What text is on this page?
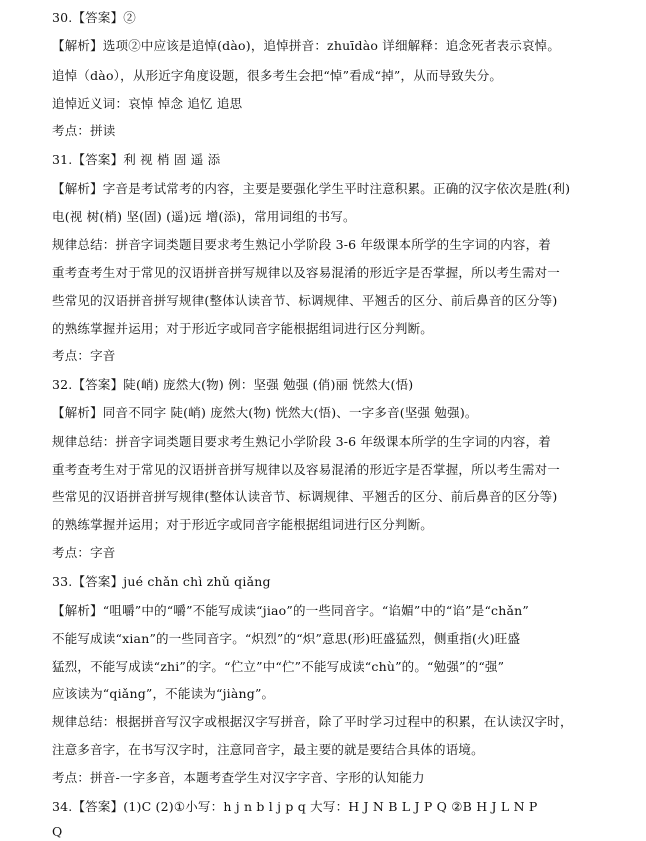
30.【答案】②
【解析】选项②中应该是追悼(dào)，追悼拼音：zhuīdào 详细解释：追念死者表示哀悼。
追悼（dào），从形近字角度设题，很多考生会把“悼”看成“掉”，从而导致失分。
追悼近义词：哀悼 悼念 追忆 追思
考点：拼读
31.【答案】利 视 梢 固 遥 添
【解析】字音是考试常考的内容，主要是要强化学生平时注意积累。正确的汉字依次是胜(利)
电(视 树(梢) 坚(固) (遥)远 增(添)，常用词组的书写。
规律总结：拼音字词类题目要求考生熟记小学阶段 3-6 年级课本所学的生字词的内容，着
重考查考生对于常见的汉语拼音拼写规律以及容易混淆的形近字是否掌握，所以考生需对一
些常见的汉语拼音拼写规律(整体认读音节、标调规律、平翘舌的区分、前后鼻音的区分等)
的熟练掌握并运用；对于形近字或同音字能根据组词进行区分判断。
考点：字音
32.【答案】陡(峭) 庞然大(物) 例：坚强 勉强 (俏)丽 恍然大(悟)
【解析】同音不同字 陡(峭) 庞然大(物) 恍然大(悟)、一字多音(坚强 勉强)。
规律总结：拼音字词类题目要求考生熟记小学阶段 3-6 年级课本所学的生字词的内容，着
重考查考生对于常见的汉语拼音拼写规律以及容易混淆的形近字是否掌握，所以考生需对一
些常见的汉语拼音拼写规律(整体认读音节、标调规律、平翘舌的区分、前后鼻音的区分等)
的熟练掌握并运用；对于形近字或同音字能根据组词进行区分判断。
考点：字音
33.【答案】jué chǎn chì zhǔ qiǎng
【解析】“咀嚼”中的“嚼”不能写成读“jiao”的一些同音字。“谄媚”中的“谄”是“chǎn”
不能写成读“xian”的一些同音字。“炽烈”的“炽”意思(形)旺盛猛烈，侧重指(火)旺盛
猛烈，不能写成读“zhi”的字。“伫立”中“伫”不能写成读“chù”的。“勉强”的“强”
应该读为“qiǎng”，不能读为“jiàng”。
规律总结：根据拼音写汉字或根据汉字写拼音，除了平时学习过程中的积累，在认读汉字时，
注意多音字，在书写汉字时，注意同音字，最主要的就是要结合具体的语境。
考点：拼音-一字多音，本题考查学生对汉字字音、字形的认知能力
34.【答案】(1)C (2)①小写：h j n b l j p q 大写：H J N B L J P Q ②B H J L N P
Q
